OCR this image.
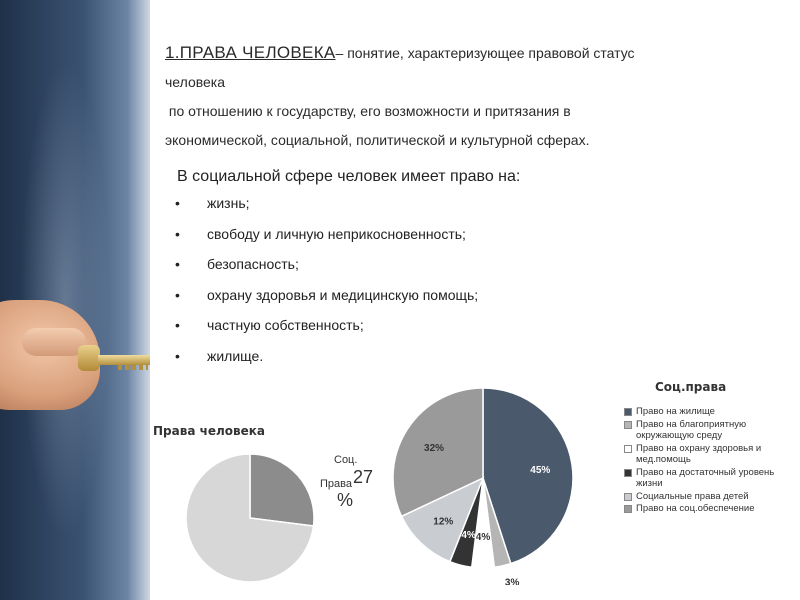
1.ПРАВА ЧЕЛОВЕКА– понятие, характеризующее правовой статус
человека
по отношению к государству, его возможности и притязания в
экономической, социальной, политической и культурной сферах.
В социальной сфере человек имеет право на:
• жизнь;
• свободу и личную неприкосновенность;
• безопасность;
• охрану здоровья и медицинскую помощь;
• частную собственность;
• жилище.
Права человека
Соц.
Права 27
%
45%
3%
4%
4%
12%
32%
Соц.права
Право на жилище
Право на благоприятную окружающую среду
Право на охрану здоровья и мед.помощь
Право на достаточный уровень жизни
Социальные права детей
Право на соц.обеспечение
